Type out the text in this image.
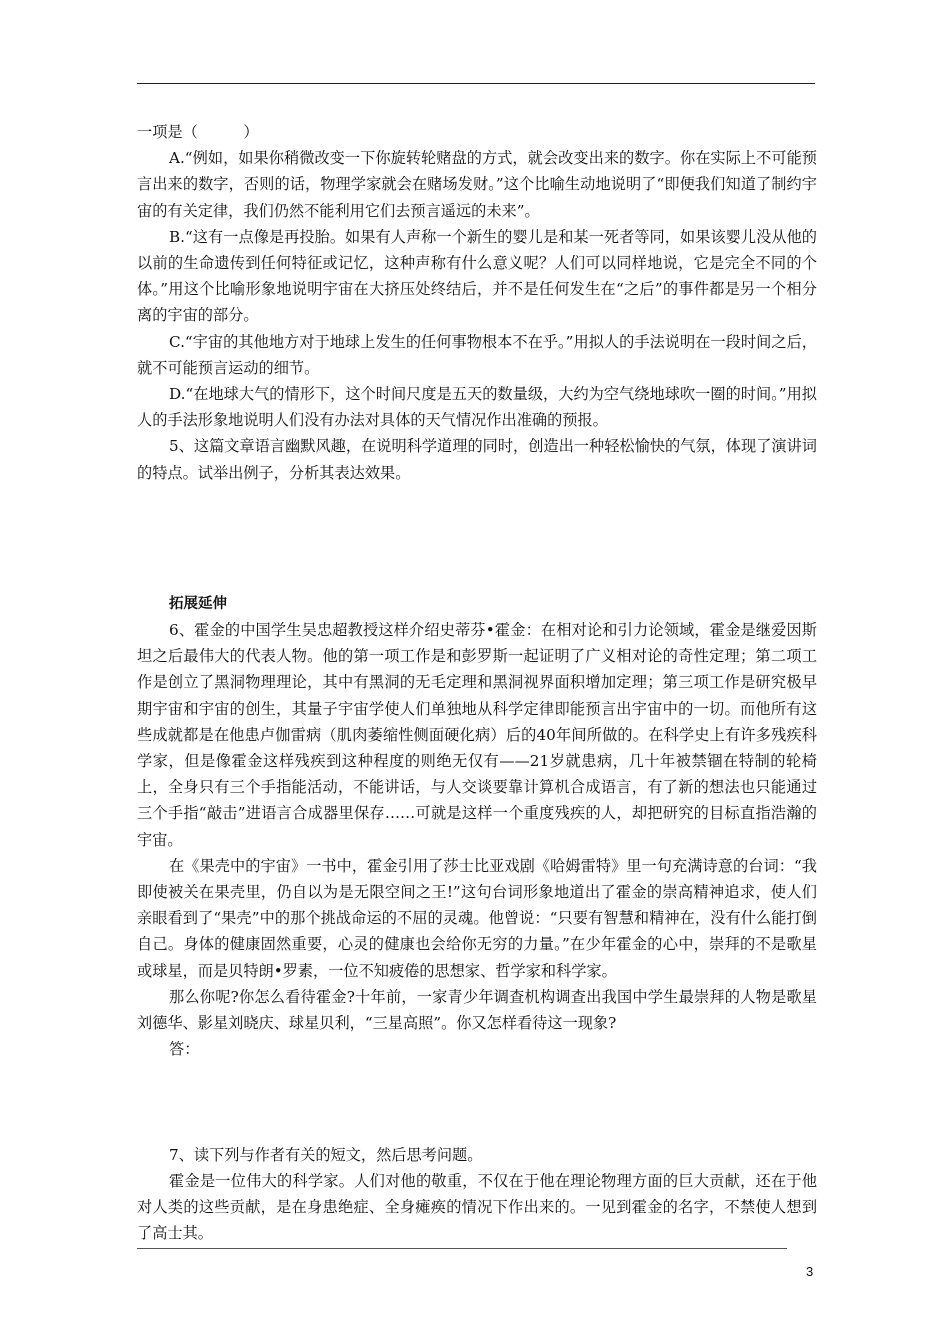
一项是（　　　）

A.“例如，如果你稍微改变一下你旋转轮赌盘的方式，就会改变出来的数字。你在实际上不可能预言出来的数字，否则的话，物理学家就会在赌场发财。”这个比喻生动地说明了“即便我们知道了制约宇宙的有关定律，我们仍然不能利用它们去预言遥远的未来”。

B.“这有一点像是再投胎。如果有人声称一个新生的婴儿是和某一死者等同，如果该婴儿没从他的以前的生命遗传到任何特征或记忆，这种声称有什么意义呢？人们可以同样地说，它是完全不同的个体。”用这个比喻形象地说明宇宙在大挤压处终结后，并不是任何发生在“之后”的事件都是另一个相分离的宇宙的部分。

C.“宇宙的其他地方对于地球上发生的任何事物根本不在乎。”用拟人的手法说明在一段时间之后，就不可能预言运动的细节。

D.“在地球大气的情形下，这个时间尺度是五天的数量级，大约为空气绕地球吹一圈的时间。”用拟人的手法形象地说明人们没有办法对具体的天气情况作出准确的预报。

5、这篇文章语言幽默风趣，在说明科学道理的同时，创造出一种轻松愉快的气氛，体现了演讲词的特点。试举出例子，分析其表达效果。

拓展延伸

6、霍金的中国学生吴忠超教授这样介绍史蒂芬•霍金：在相对论和引力论领域，霍金是继爱因斯坦之后最伟大的代表人物。他的第一项工作是和彭罗斯一起证明了广义相对论的奇性定理；第二项工作是创立了黑洞物理理论，其中有黑洞的无毛定理和黑洞视界面积增加定理；第三项工作是研究极早期宇宙和宇宙的创生，其量子宇宙学使人们单独地从科学定律即能预言出宇宙中的一切。而他所有这些成就都是在他患卢伽雷病（肌肉萎缩性侧面硬化病）后的40年间所做的。在科学史上有许多残疾科学家，但是像霍金这样残疾到这种程度的则绝无仅有——21岁就患病，几十年被禁锢在特制的轮椅上，全身只有三个手指能活动，不能讲话，与人交谈要靠计算机合成语言，有了新的想法也只能通过三个手指“敲击”进语言合成器里保存……可就是这样一个重度残疾的人，却把研究的目标直指浩瀚的宇宙。

在《果壳中的宇宙》一书中，霍金引用了莎士比亚戏剧《哈姆雷特》里一句充满诗意的台词：“我即使被关在果壳里，仍自以为是无限空间之王!”这句台词形象地道出了霍金的崇高精神追求，使人们亲眼看到了“果壳”中的那个挑战命运的不屈的灵魂。他曾说：“只要有智慧和精神在，没有什么能打倒自己。身体的健康固然重要，心灵的健康也会给你无穷的力量。”在少年霍金的心中，崇拜的不是歌星或球星，而是贝特朗•罗素，一位不知疲倦的思想家、哲学家和科学家。

那么你呢?你怎么看待霍金?十年前，一家青少年调查机构调查出我国中学生最崇拜的人物是歌星刘德华、影星刘晓庆、球星贝利，“三星高照”。你又怎样看待这一现象?

答：

7、读下列与作者有关的短文，然后思考问题。

霍金是一位伟大的科学家。人们对他的敬重，不仅在于他在理论物理方面的巨大贡献，还在于他对人类的这些贡献，是在身患绝症、全身瘫痪的情况下作出来的。一见到霍金的名字，不禁使人想到了高士其。

3
